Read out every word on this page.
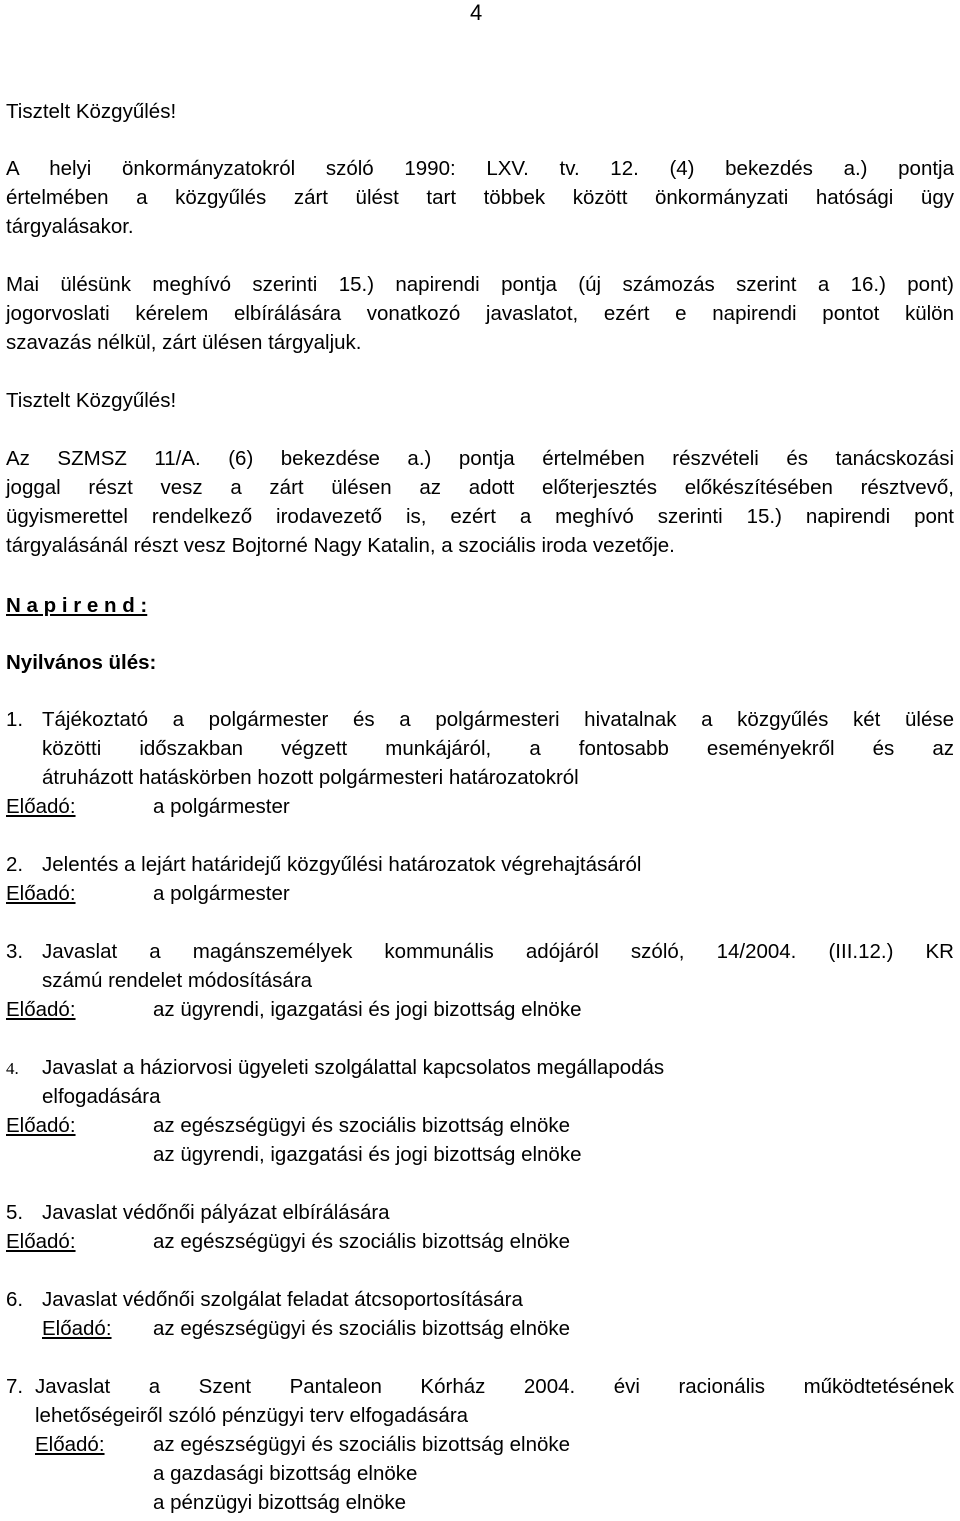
4
Tisztelt Közgyűlés!
A helyi önkormányzatokról szóló 1990: LXV. tv. 12. (4) bekezdés a.) pontja
értelmében a közgyűlés zárt ülést tart többek között önkormányzati hatósági ügy
tárgyalásakor.
Mai ülésünk meghívó szerinti 15.) napirendi pontja (új számozás szerint a 16.) pont)
jogorvoslati kérelem elbírálására vonatkozó javaslatot, ezért e napirendi pontot külön
szavazás nélkül, zárt ülésen tárgyaljuk.
Tisztelt Közgyűlés!
Az SZMSZ 11/A. (6) bekezdése a.) pontja értelmében részvételi és tanácskozási
joggal részt vesz a zárt ülésen az adott előterjesztés előkészítésében résztvevő,
ügyismerettel rendelkező irodavezető is, ezért a meghívó szerinti 15.) napirendi pont
tárgyalásánál részt vesz Bojtorné Nagy Katalin, a szociális iroda vezetője.
N a p i r e n d :
Nyilvános ülés:
1. Tájékoztató a polgármester és a polgármesteri hivatalnak a közgyűlés két ülése
közötti időszakban végzett munkájáról, a fontosabb eseményekről és az
átruházott hatáskörben hozott polgármesteri határozatokról
Előadó:	a polgármester
2. Jelentés a lejárt határidejű közgyűlési határozatok végrehajtásáról
Előadó:	a polgármester
3. Javaslat a magánszemélyek kommunális adójáról szóló, 14/2004. (III.12.) KR
számú rendelet módosítására
Előadó:	az ügyrendi, igazgatási és jogi bizottság elnöke
4. Javaslat a háziorvosi ügyeleti szolgálattal kapcsolatos megállapodás
elfogadására
Előadó:	az egészségügyi és szociális bizottság elnöke
az ügyrendi, igazgatási és jogi bizottság elnöke
5. Javaslat védőnői pályázat elbírálására
Előadó:	az egészségügyi és szociális bizottság elnöke
6. Javaslat védőnői szolgálat feladat átcsoportosítására
Előadó: az egészségügyi és szociális bizottság elnöke
7. Javaslat a Szent Pantaleon Kórház 2004. évi racionális működtetésének
lehetőségeiről szóló pénzügyi terv elfogadására
Előadó: az egészségügyi és szociális bizottság elnöke
a gazdasági bizottság elnöke
a pénzügyi bizottság elnöke
